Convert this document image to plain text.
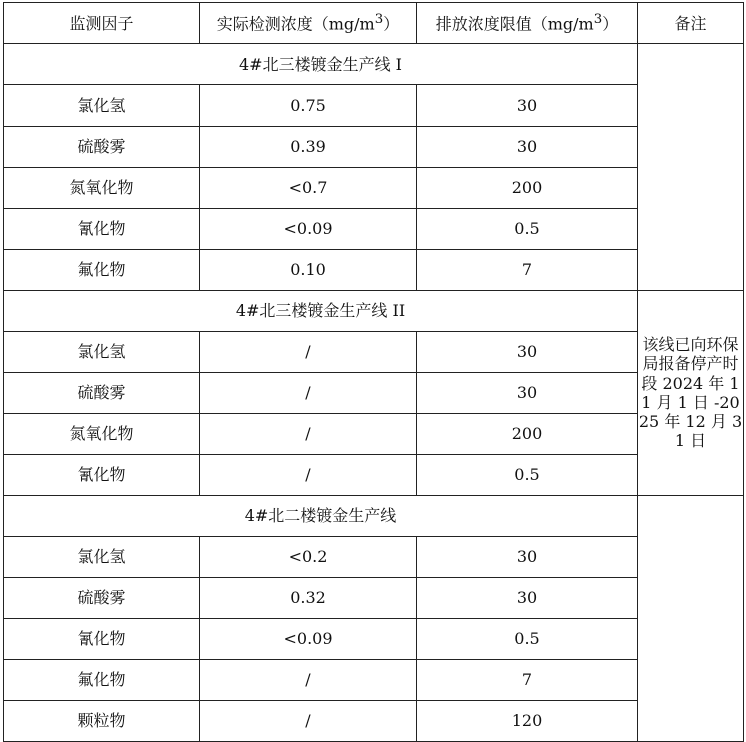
监测因子	实际检测浓度$(mg/m^3)$	排放浓度限值$(mg/m^3)$	备注
4#北三楼镀金生产线 I			
氯化氢	0.75	30	
硫酸雾	0.39	30	
氮氧化物	<0.7	200	
氰化物	<0.09	0.5	
氟化物	0.10	7	
4#北三楼镀金生产线 II			该线已向环保局报备停产时段 2024 年 11 月 1 日 -2025 年 12 月 31 日
氯化氢	/	30	
硫酸雾	/	30	
氮氧化物	/	200	
氰化物	/	0.5	
4#北二楼镀金生产线			
氯化氢	<0.2	30	
硫酸雾	0.32	30	
氰化物	<0.09	0.5	
氟化物	/	7	
颗粒物	/	120	
